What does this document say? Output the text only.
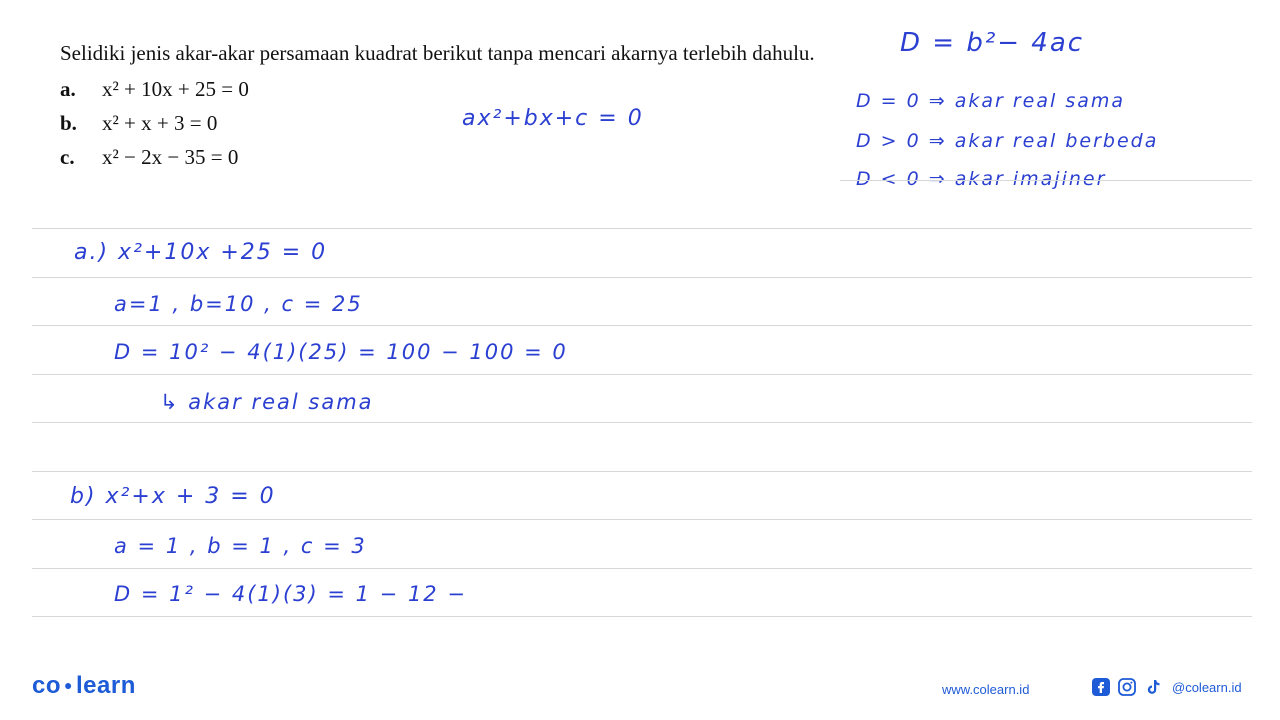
Selidiki jenis akar-akar persamaan kuadrat berikut tanpa mencari akarnya terlebih dahulu.

a.	x² + 10x + 25 = 0
b.	x² + x + 3 = 0
c.	x² − 2x − 35 = 0
D = b²− 4ac
ax²+bx+c = 0
D = 0 ⇒ akar real sama
D > 0 ⇒ akar real berbeda
D < 0 ⇒ akar imajiner
a.) x²+10x +25 = 0
a=1 , b=10 , c = 25
D = 10² − 4(1)(25) = 100 − 100 = 0
↳ akar real sama
b) x²+x + 3 = 0
a = 1 , b = 1 , c = 3
D = 1² − 4(1)(3) = 1 − 12 −
co ● learn	www.colearn.id	@colearn.id
